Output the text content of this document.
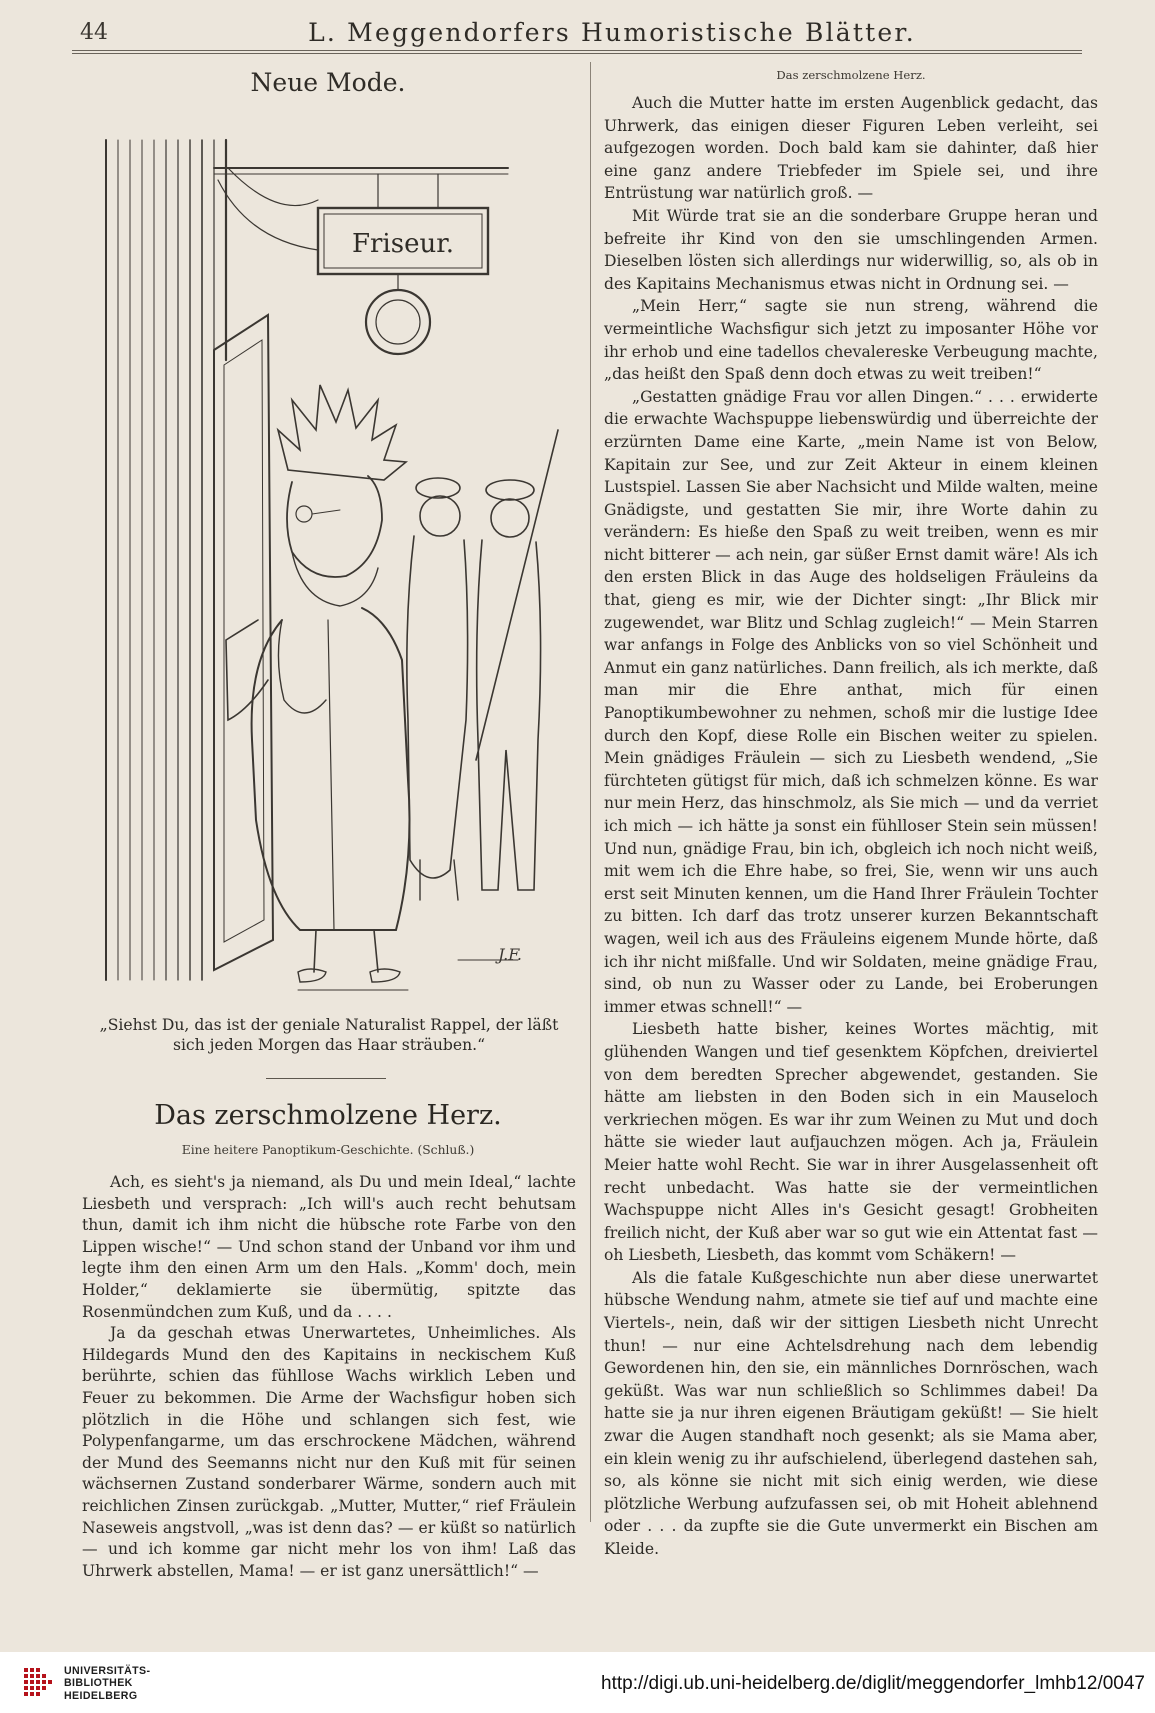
44	L. Meggendorfers Humoristische Blätter.
Neue Mode.
Friseur.
J.F.
„Siehst Du, das ist der geniale Naturalist Rappel, der läßt sich jeden Morgen das Haar sträuben.“
Das zerschmolzene Herz.
Eine heitere Panoptikum-Geschichte. (Schluß.)

Ach, es sieht's ja niemand, als Du und mein Ideal,“ lachte Liesbeth und versprach: „Ich will's auch recht behutsam thun, damit ich ihm nicht die hübsche rote Farbe von den Lippen wische!“ — Und schon stand der Unband vor ihm und legte ihm den einen Arm um den Hals. „Komm' doch, mein Holder,“ deklamierte sie übermütig, spitzte das Rosenmündchen zum Kuß, und da . . . .

Ja da geschah etwas Unerwartetes, Unheimliches. Als Hildegards Mund den des Kapitains in neckischem Kuß berührte, schien das fühllose Wachs wirklich Leben und Feuer zu bekommen. Die Arme der Wachsfigur hoben sich plötzlich in die Höhe und schlangen sich fest, wie Polypenfangarme, um das erschrockene Mädchen, während der Mund des Seemanns nicht nur den Kuß mit für seinen wächsernen Zustand sonderbarer Wärme, sondern auch mit reichlichen Zinsen zurückgab. „Mutter, Mutter,“ rief Fräulein Naseweis angstvoll, „was ist denn das? — er küßt so natürlich — und ich komme gar nicht mehr los von ihm! Laß das Uhrwerk abstellen, Mama! — er ist ganz unersättlich!“ —

Das zerschmolzene Herz.

Auch die Mutter hatte im ersten Augenblick gedacht, das Uhrwerk, das einigen dieser Figuren Leben verleiht, sei aufgezogen worden. Doch bald kam sie dahinter, daß hier eine ganz andere Triebfeder im Spiele sei, und ihre Entrüstung war natürlich groß. —

Mit Würde trat sie an die sonderbare Gruppe heran und befreite ihr Kind von den sie umschlingenden Armen. Dieselben lösten sich allerdings nur widerwillig, so, als ob in des Kapitains Mechanismus etwas nicht in Ordnung sei. —

„Mein Herr,“ sagte sie nun streng, während die vermeintliche Wachsfigur sich jetzt zu imposanter Höhe vor ihr erhob und eine tadellos chevalereske Verbeugung machte, „das heißt den Spaß denn doch etwas zu weit treiben!“

„Gestatten gnädige Frau vor allen Dingen.“ . . . erwiderte die erwachte Wachspuppe liebenswürdig und überreichte der erzürnten Dame eine Karte, „mein Name ist von Below, Kapitain zur See, und zur Zeit Akteur in einem kleinen Lustspiel. Lassen Sie aber Nachsicht und Milde walten, meine Gnädigste, und gestatten Sie mir, ihre Worte dahin zu verändern: Es hieße den Spaß zu weit treiben, wenn es mir nicht bitterer — ach nein, gar süßer Ernst damit wäre! Als ich den ersten Blick in das Auge des holdseligen Fräuleins da that, gieng es mir, wie der Dichter singt: „Ihr Blick mir zugewendet, war Blitz und Schlag zugleich!“ — Mein Starren war anfangs in Folge des Anblicks von so viel Schönheit und Anmut ein ganz natürliches. Dann freilich, als ich merkte, daß man mir die Ehre anthat, mich für einen Panoptikumbewohner zu nehmen, schoß mir die lustige Idee durch den Kopf, diese Rolle ein Bischen weiter zu spielen. Mein gnädiges Fräulein — sich zu Liesbeth wendend, „Sie fürchteten gütigst für mich, daß ich schmelzen könne. Es war nur mein Herz, das hinschmolz, als Sie mich — und da verriet ich mich — ich hätte ja sonst ein fühlloser Stein sein müssen! Und nun, gnädige Frau, bin ich, obgleich ich noch nicht weiß, mit wem ich die Ehre habe, so frei, Sie, wenn wir uns auch erst seit Minuten kennen, um die Hand Ihrer Fräulein Tochter zu bitten. Ich darf das trotz unserer kurzen Bekanntschaft wagen, weil ich aus des Fräuleins eigenem Munde hörte, daß ich ihr nicht mißfalle. Und wir Soldaten, meine gnädige Frau, sind, ob nun zu Wasser oder zu Lande, bei Eroberungen immer etwas schnell!“ —

Liesbeth hatte bisher, keines Wortes mächtig, mit glühenden Wangen und tief gesenktem Köpfchen, dreiviertel von dem beredten Sprecher abgewendet, gestanden. Sie hätte am liebsten in den Boden sich in ein Mauseloch verkriechen mögen. Es war ihr zum Weinen zu Mut und doch hätte sie wieder laut aufjauchzen mögen. Ach ja, Fräulein Meier hatte wohl Recht. Sie war in ihrer Ausgelassenheit oft recht unbedacht. Was hatte sie der vermeintlichen Wachspuppe nicht Alles in's Gesicht gesagt! Grobheiten freilich nicht, der Kuß aber war so gut wie ein Attentat fast — oh Liesbeth, Liesbeth, das kommt vom Schäkern! —

Als die fatale Kußgeschichte nun aber diese unerwartet hübsche Wendung nahm, atmete sie tief auf und machte eine Viertels-, nein, daß wir der sittigen Liesbeth nicht Unrecht thun! — nur eine Achtelsdrehung nach dem lebendig Gewordenen hin, den sie, ein männliches Dornröschen, wach geküßt. Was war nun schließlich so Schlimmes dabei! Da hatte sie ja nur ihren eigenen Bräutigam geküßt! — Sie hielt zwar die Augen standhaft noch gesenkt; als sie Mama aber, ein klein wenig zu ihr aufschielend, überlegend dastehen sah, so, als könne sie nicht mit sich einig werden, wie diese plötzliche Werbung aufzufassen sei, ob mit Hoheit ablehnend oder . . . da zupfte sie die Gute unvermerkt ein Bischen am Kleide.

UNIVERSITÄTS-
BIBLIOTHEK
HEIDELBERG
http://digi.ub.uni-heidelberg.de/diglit/meggendorfer_lmhb12/0047
